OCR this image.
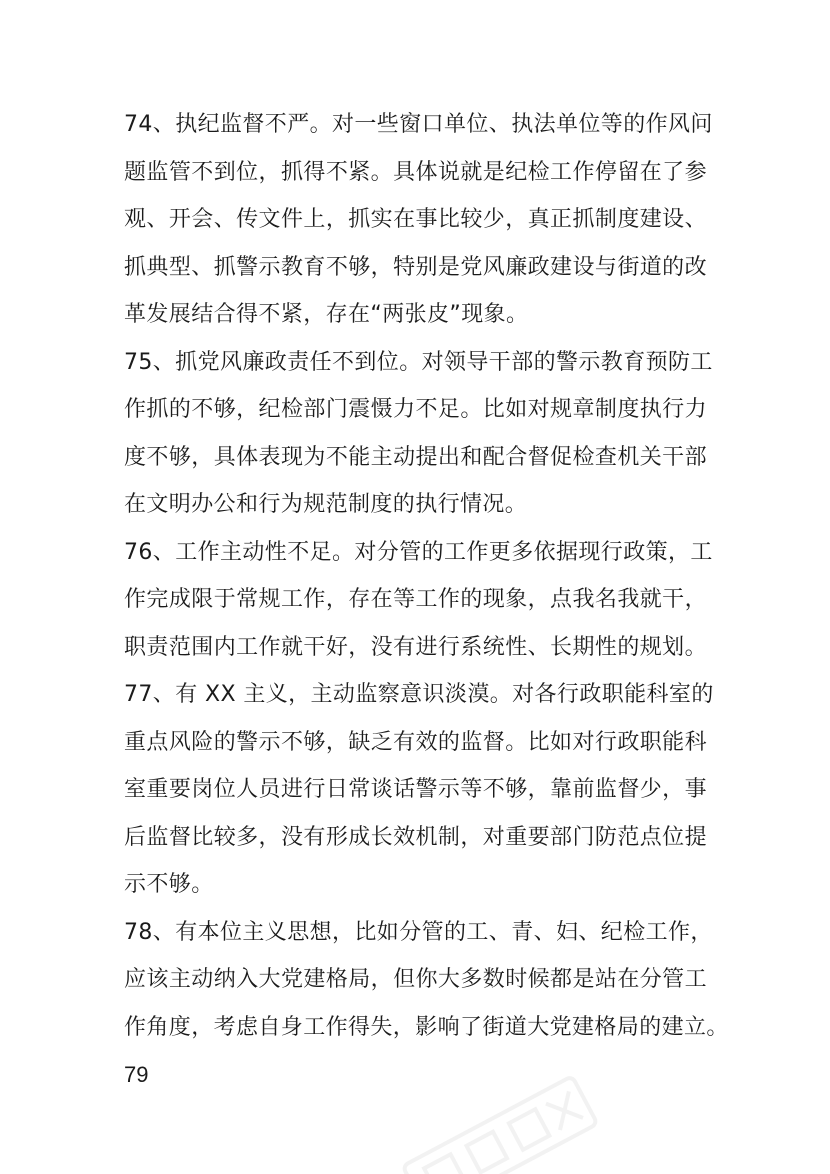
74、执纪监督不严。对一些窗口单位、执法单位等的作风问
题监管不到位，抓得不紧。具体说就是纪检工作停留在了参
观、开会、传文件上，抓实在事比较少，真正抓制度建设、
抓典型、抓警示教育不够，特别是党风廉政建设与街道的改
革发展结合得不紧，存在“两张皮”现象。
75、抓党风廉政责任不到位。对领导干部的警示教育预防工
作抓的不够，纪检部门震慑力不足。比如对规章制度执行力
度不够，具体表现为不能主动提出和配合督促检查机关干部
在文明办公和行为规范制度的执行情况。
76、工作主动性不足。对分管的工作更多依据现行政策，工
作完成限于常规工作，存在等工作的现象，点我名我就干，
职责范围内工作就干好，没有进行系统性、长期性的规划。
77、有 XX 主义，主动监察意识淡漠。对各行政职能科室的
重点风险的警示不够，缺乏有效的监督。比如对行政职能科
室重要岗位人员进行日常谈话警示等不够，靠前监督少，事
后监督比较多，没有形成长效机制，对重要部门防范点位提
示不够。
78、有本位主义思想，比如分管的工、青、妇、纪检工作，
应该主动纳入大党建格局，但你大多数时候都是站在分管工
作角度，考虑自身工作得失，影响了街道大党建格局的建立。
79
